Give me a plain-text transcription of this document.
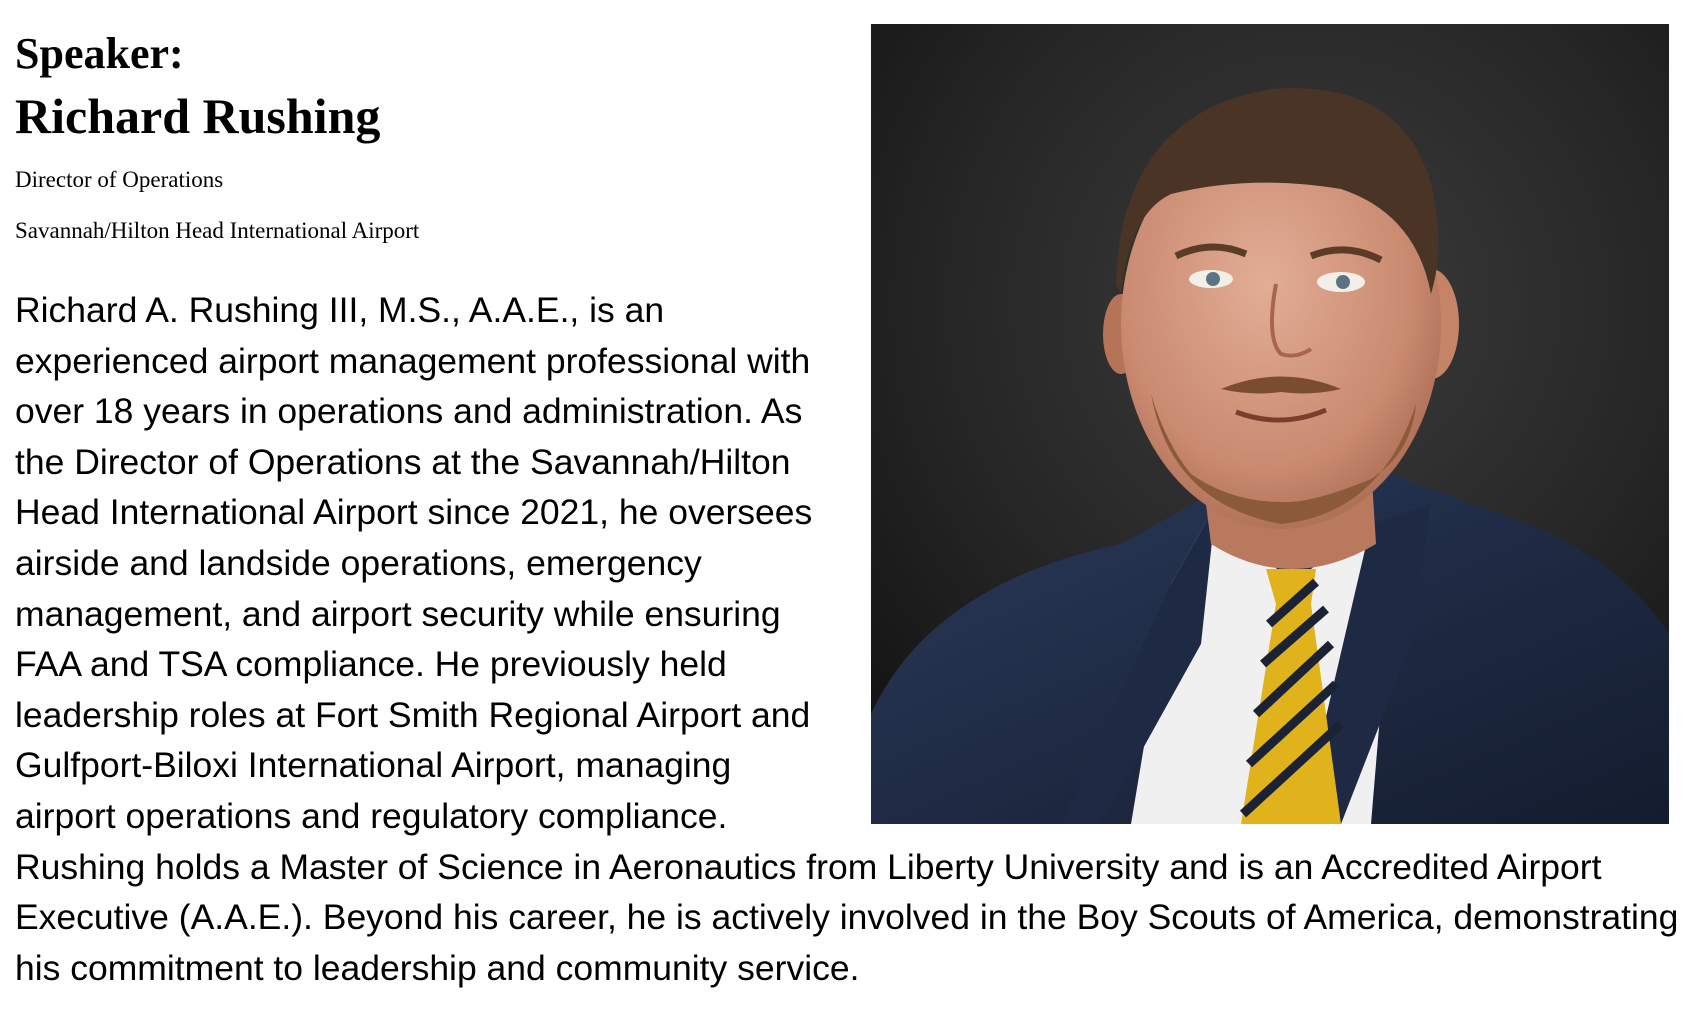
Speaker:
Richard Rushing

Director of Operations

Savannah/Hilton Head International Airport

Richard A. Rushing III, M.S., A.A.E., is an experienced airport management professional with over 18 years in operations and administration. As the Director of Operations at the Savannah/Hilton Head International Airport since 2021, he oversees airside and landside operations, emergency management, and airport security while ensuring FAA and TSA compliance. He previously held leadership roles at Fort Smith Regional Airport and Gulfport-Biloxi International Airport, managing airport operations and regulatory compliance. Rushing holds a Master of Science in Aeronautics from Liberty University and is an Accredited Airport Executive (A.A.E.). Beyond his career, he is actively involved in the Boy Scouts of America, demonstrating his commitment to leadership and community service.
